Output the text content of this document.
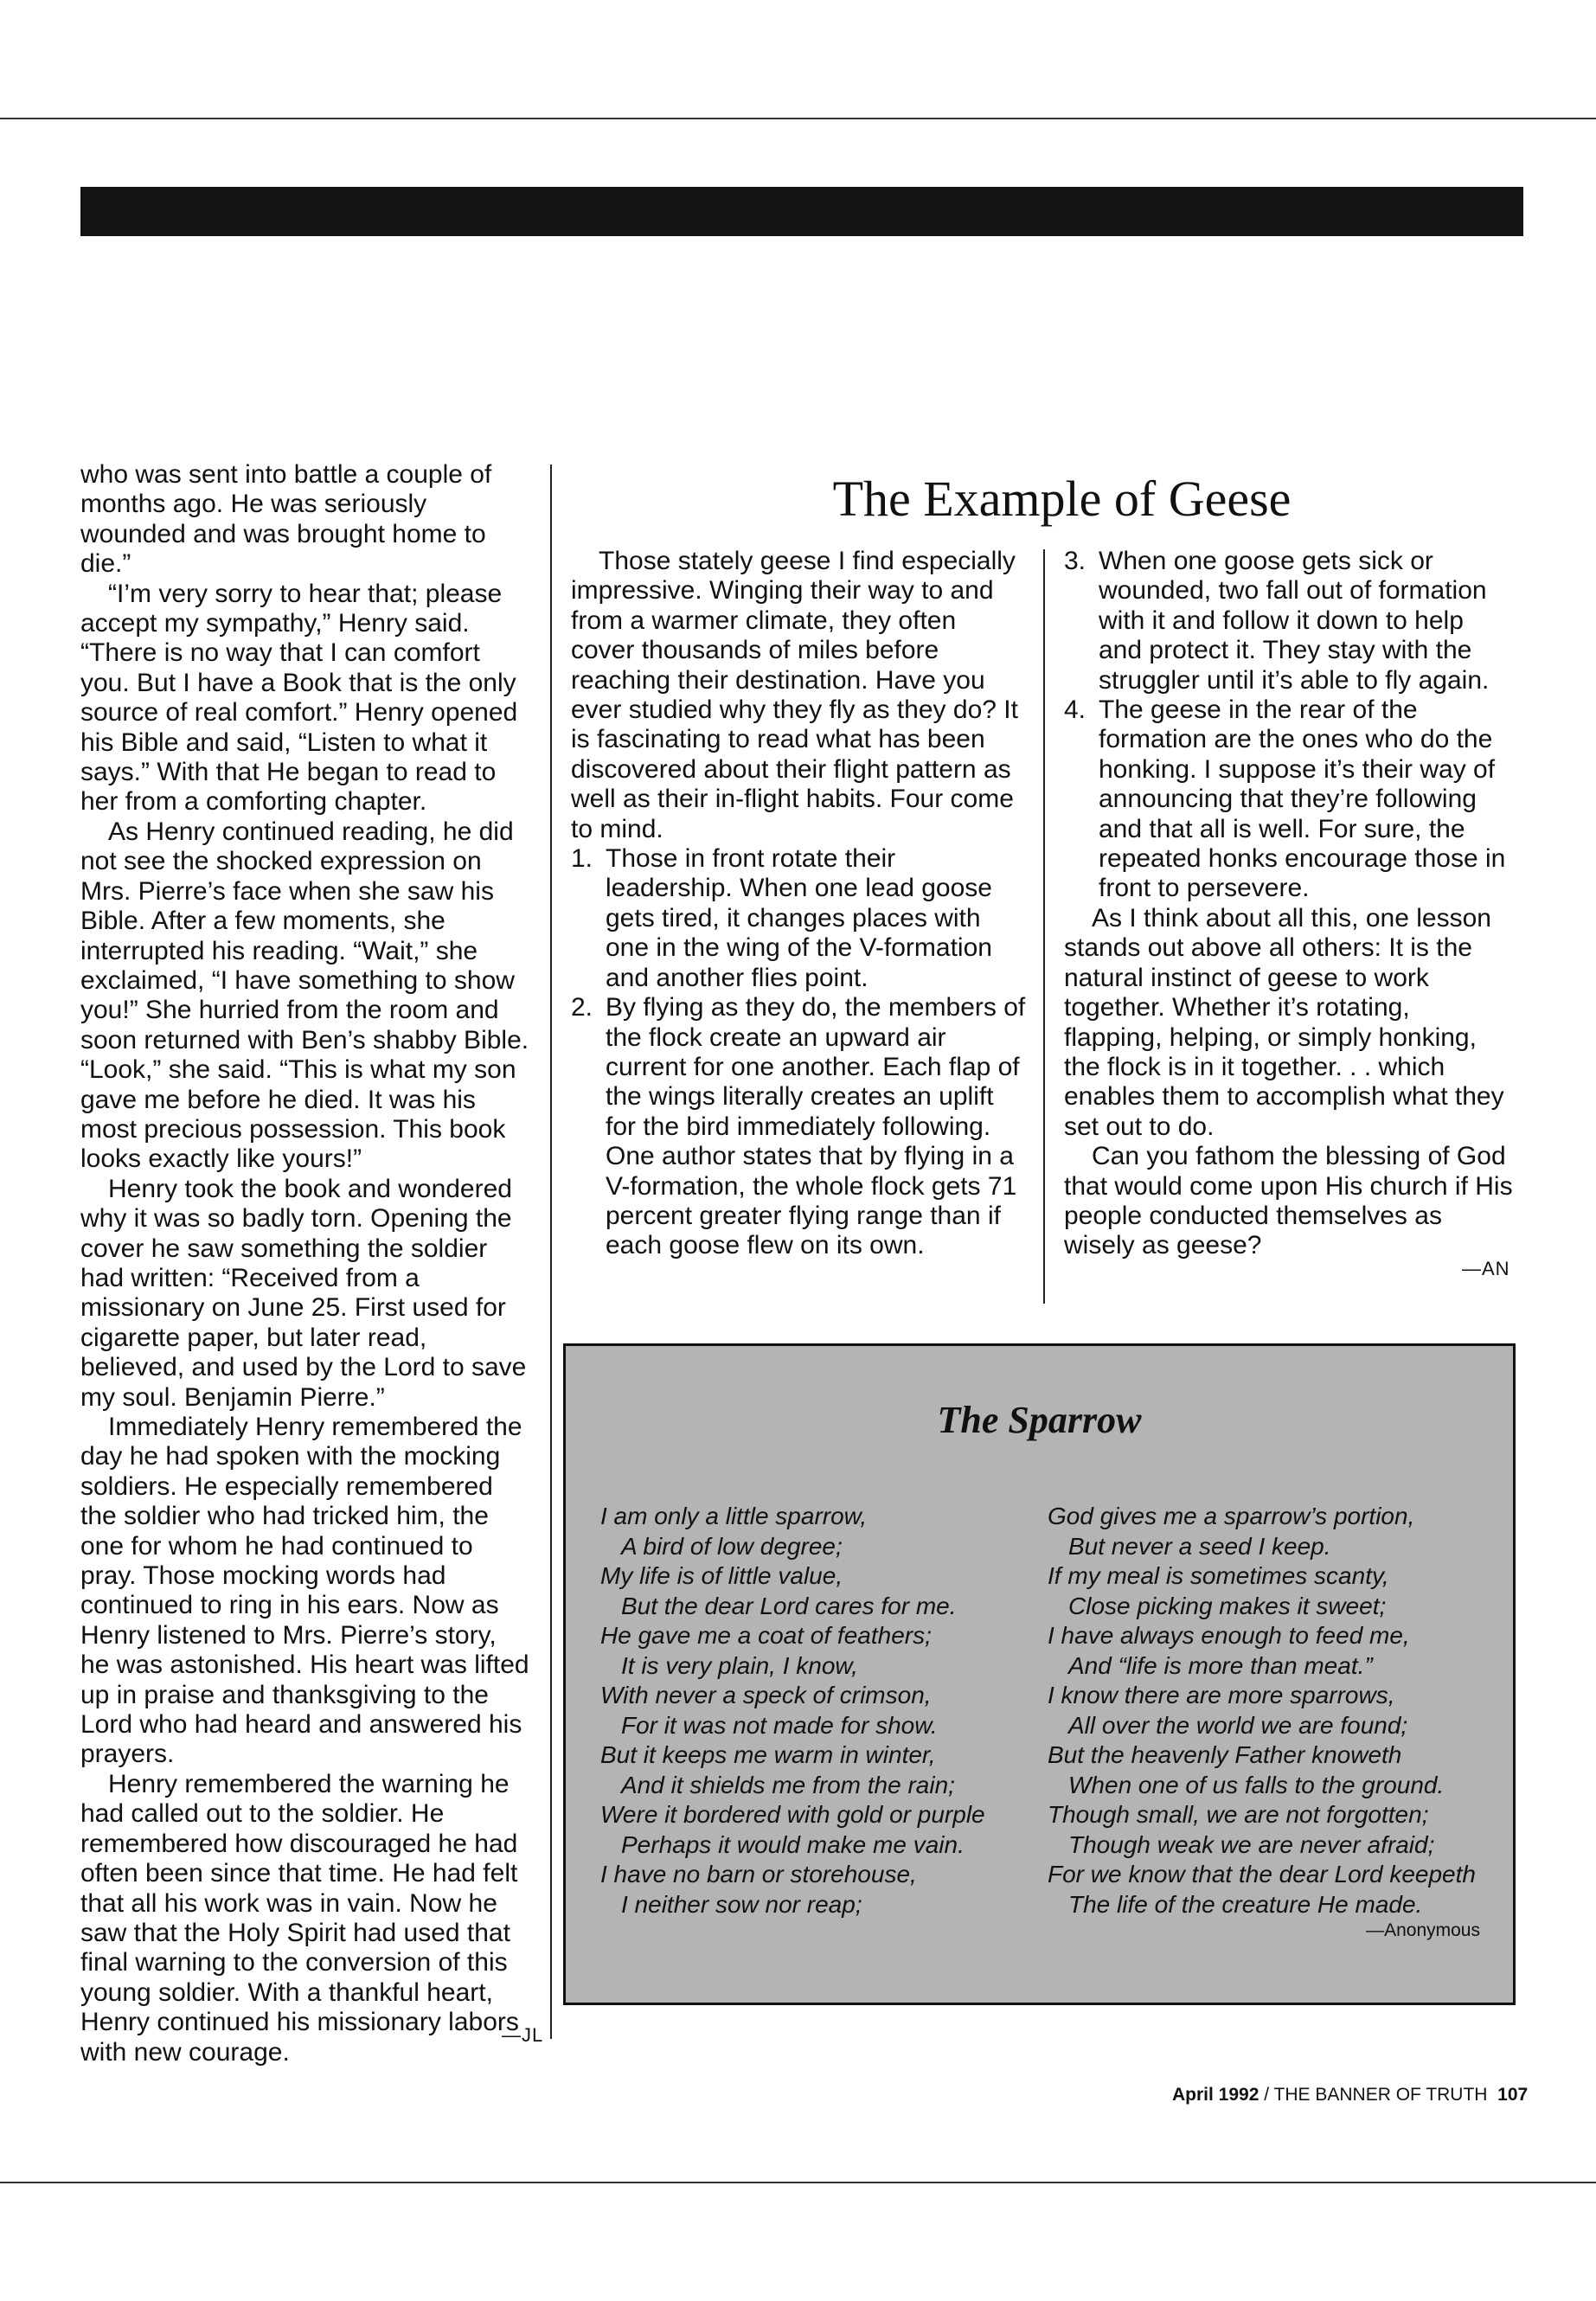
who was sent into battle a couple of months ago. He was seriously wounded and was brought home to die.”

“I’m very sorry to hear that; please accept my sympathy,” Henry said. “There is no way that I can comfort you. But I have a Book that is the only source of real comfort.” Henry opened his Bible and said, “Listen to what it says.” With that He began to read to her from a comforting chapter.

As Henry continued reading, he did not see the shocked expression on Mrs. Pierre’s face when she saw his Bible. After a few moments, she interrupted his reading. “Wait,” she exclaimed, “I have something to show you!” She hurried from the room and soon returned with Ben’s shabby Bible. “Look,” she said. “This is what my son gave me before he died. It was his most precious possession. This book looks exactly like yours!”

Henry took the book and wondered why it was so badly torn. Opening the cover he saw something the soldier had written: “Received from a missionary on June 25. First used for cigarette paper, but later read, believed, and used by the Lord to save my soul. Benjamin Pierre.”

Immediately Henry remembered the day he had spoken with the mocking soldiers. He especially remembered the soldier who had tricked him, the one for whom he had continued to pray. Those mocking words had continued to ring in his ears. Now as Henry listened to Mrs. Pierre’s story, he was astonished. His heart was lifted up in praise and thanksgiving to the Lord who had heard and answered his prayers.

Henry remembered the warning he had called out to the soldier. He remembered how discouraged he had often been since that time. He had felt that all his work was in vain. Now he saw that the Holy Spirit had used that final warning to the conversion of this young soldier. With a thankful heart, Henry continued his missionary labors with new courage.

—JL
The Example of Geese

Those stately geese I find especially impressive. Winging their way to and from a warmer climate, they often cover thousands of miles before reaching their destination. Have you ever studied why they fly as they do? It is fascinating to read what has been discovered about their flight pattern as well as their in-flight habits. Four come to mind.

1. Those in front rotate their leadership. When one lead goose gets tired, it changes places with one in the wing of the V-formation and another flies point.
2. By flying as they do, the members of the flock create an upward air current for one another. Each flap of the wings literally creates an uplift for the bird immediately following. One author states that by flying in a V-formation, the whole flock gets 71 percent greater flying range than if each goose flew on its own.
3. When one goose gets sick or wounded, two fall out of formation with it and follow it down to help and protect it. They stay with the struggler until it’s able to fly again.
4. The geese in the rear of the formation are the ones who do the honking. I suppose it’s their way of announcing that they’re following and that all is well. For sure, the repeated honks encourage those in front to persevere.

As I think about all this, one lesson stands out above all others: It is the natural instinct of geese to work together. Whether it’s rotating, flapping, helping, or simply honking, the flock is in it together. . . which enables them to accomplish what they set out to do.

Can you fathom the blessing of God that would come upon His church if His people conducted themselves as wisely as geese?

—AN
The Sparrow
I am only a little sparrow,
A bird of low degree;
My life is of little value,
But the dear Lord cares for me.
He gave me a coat of feathers;
It is very plain, I know,
With never a speck of crimson,
For it was not made for show.
But it keeps me warm in winter,
And it shields me from the rain;
Were it bordered with gold or purple
Perhaps it would make me vain.
I have no barn or storehouse,
I neither sow nor reap;
God gives me a sparrow’s portion,
But never a seed I keep.
If my meal is sometimes scanty,
Close picking makes it sweet;
I have always enough to feed me,
And “life is more than meat.”
I know there are more sparrows,
All over the world we are found;
But the heavenly Father knoweth
When one of us falls to the ground.
Though small, we are not forgotten;
Though weak we are never afraid;
For we know that the dear Lord keepeth
The life of the creature He made.
—Anonymous
April 1992 / THE BANNER OF TRUTH 107
